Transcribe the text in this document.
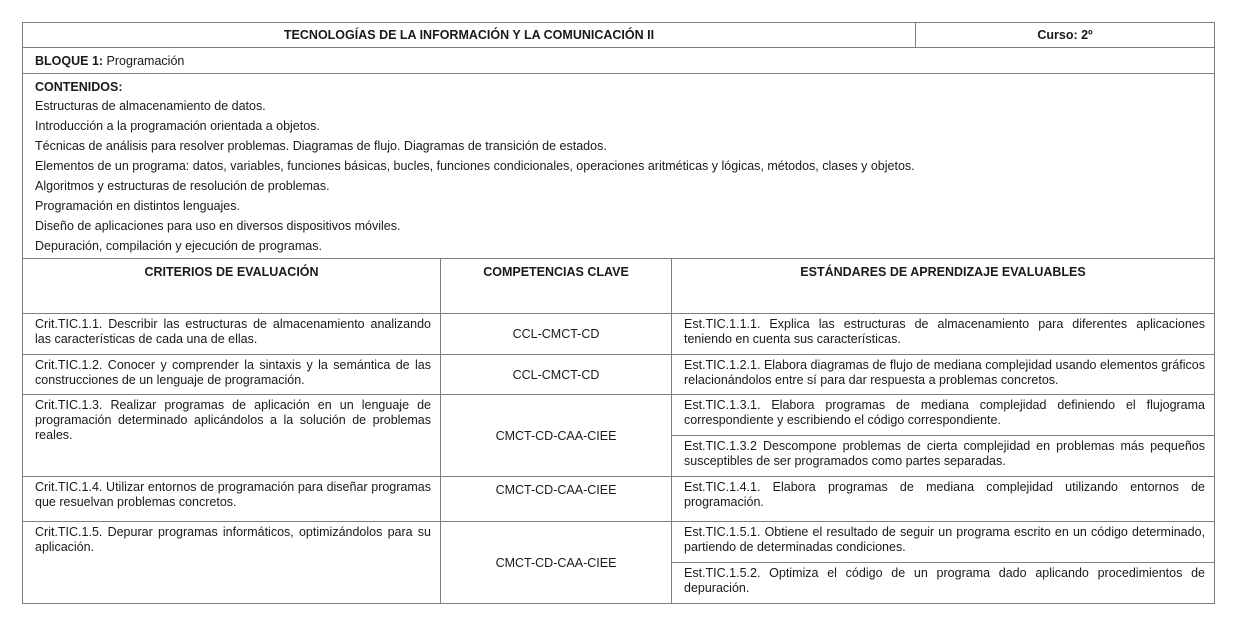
TECNOLOGÍAS DE LA INFORMACIÓN Y LA COMUNICACIÓN II	Curso: 2º
BLOQUE 1: Programación

CONTENIDOS:
Estructuras de almacenamiento de datos.
Introducción a la programación orientada a objetos.
Técnicas de análisis para resolver problemas. Diagramas de flujo. Diagramas de transición de estados.
Elementos de un programa: datos, variables, funciones básicas, bucles, funciones condicionales, operaciones aritméticas y lógicas, métodos, clases y objetos.
Algoritmos y estructuras de resolución de problemas.
Programación en distintos lenguajes.
Diseño de aplicaciones para uso en diversos dispositivos móviles.
Depuración, compilación y ejecución de programas.
CRITERIOS DE EVALUACIÓN	COMPETENCIAS CLAVE	ESTÁNDARES DE APRENDIZAJE EVALUABLES
Crit.TIC.1.1. Describir las estructuras de almacenamiento analizando las características de cada una de ellas.	CCL-CMCT-CD	Est.TIC.1.1.1. Explica las estructuras de almacenamiento para diferentes aplicaciones teniendo en cuenta sus características.
Crit.TIC.1.2. Conocer y comprender la sintaxis y la semántica de las construcciones de un lenguaje de programación.	CCL-CMCT-CD	Est.TIC.1.2.1. Elabora diagramas de flujo de mediana complejidad usando elementos gráficos relacionándolos entre sí para dar respuesta a problemas concretos.
Crit.TIC.1.3. Realizar programas de aplicación en un lenguaje de programación determinado aplicándolos a la solución de problemas reales.	CMCT-CD-CAA-CIEE	Est.TIC.1.3.1. Elabora programas de mediana complejidad definiendo el flujograma correspondiente y escribiendo el código correspondiente.
		Est.TIC.1.3.2 Descompone problemas de cierta complejidad en problemas más pequeños susceptibles de ser programados como partes separadas.
Crit.TIC.1.4. Utilizar entornos de programación para diseñar programas que resuelvan problemas concretos.	CMCT-CD-CAA-CIEE	Est.TIC.1.4.1. Elabora programas de mediana complejidad utilizando entornos de programación.
Crit.TIC.1.5. Depurar programas informáticos, optimizándolos para su aplicación.	CMCT-CD-CAA-CIEE	Est.TIC.1.5.1. Obtiene el resultado de seguir un programa escrito en un código determinado, partiendo de determinadas condiciones.
		Est.TIC.1.5.2. Optimiza el código de un programa dado aplicando procedimientos de depuración.
